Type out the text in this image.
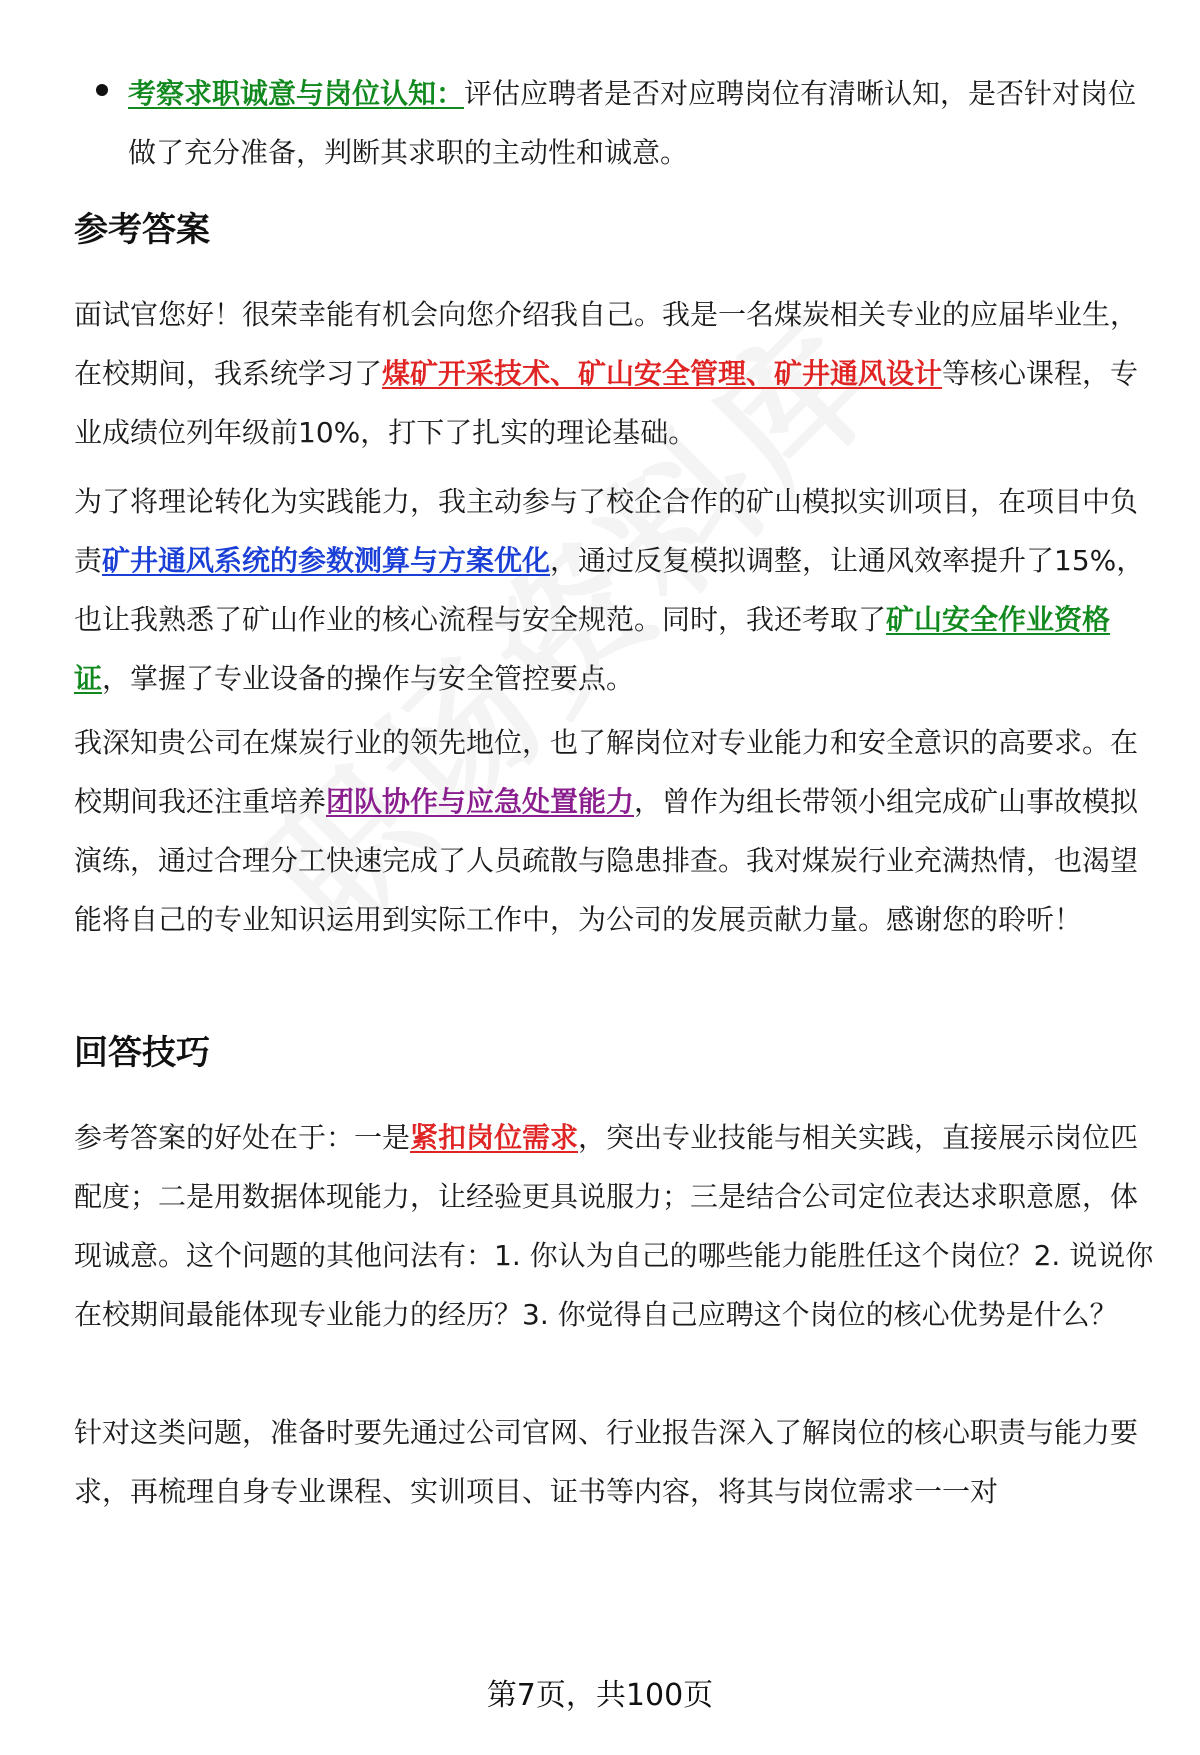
考察求职诚意与岗位认知：评估应聘者是否对应聘岗位有清晰认知，是否针对岗位做了充分准备，判断其求职的主动性和诚意。
参考答案
面试官您好！很荣幸能有机会向您介绍我自己。我是一名煤炭相关专业的应届毕业生，在校期间，我系统学习了煤矿开采技术、矿山安全管理、矿井通风设计等核心课程，专业成绩位列年级前10%，打下了扎实的理论基础。
为了将理论转化为实践能力，我主动参与了校企合作的矿山模拟实训项目，在项目中负责矿井通风系统的参数测算与方案优化，通过反复模拟调整，让通风效率提升了15%，也让我熟悉了矿山作业的核心流程与安全规范。同时，我还考取了矿山安全作业资格证，掌握了专业设备的操作与安全管控要点。
我深知贵公司在煤炭行业的领先地位，也了解岗位对专业能力和安全意识的高要求。在校期间我还注重培养团队协作与应急处置能力，曾作为组长带领小组完成矿山事故模拟演练，通过合理分工快速完成了人员疏散与隐患排查。我对煤炭行业充满热情，也渴望能将自己的专业知识运用到实际工作中，为公司的发展贡献力量。感谢您的聆听！
回答技巧
参考答案的好处在于：一是紧扣岗位需求，突出专业技能与相关实践，直接展示岗位匹配度；二是用数据体现能力，让经验更具说服力；三是结合公司定位表达求职意愿，体现诚意。这个问题的其他问法有：1. 你认为自己的哪些能力能胜任这个岗位？2. 说说你在校期间最能体现专业能力的经历？3. 你觉得自己应聘这个岗位的核心优势是什么？
针对这类问题，准备时要先通过公司官网、行业报告深入了解岗位的核心职责与能力要求，再梳理自身专业课程、实训项目、证书等内容，将其与岗位需求一一对
第7页，共100页
